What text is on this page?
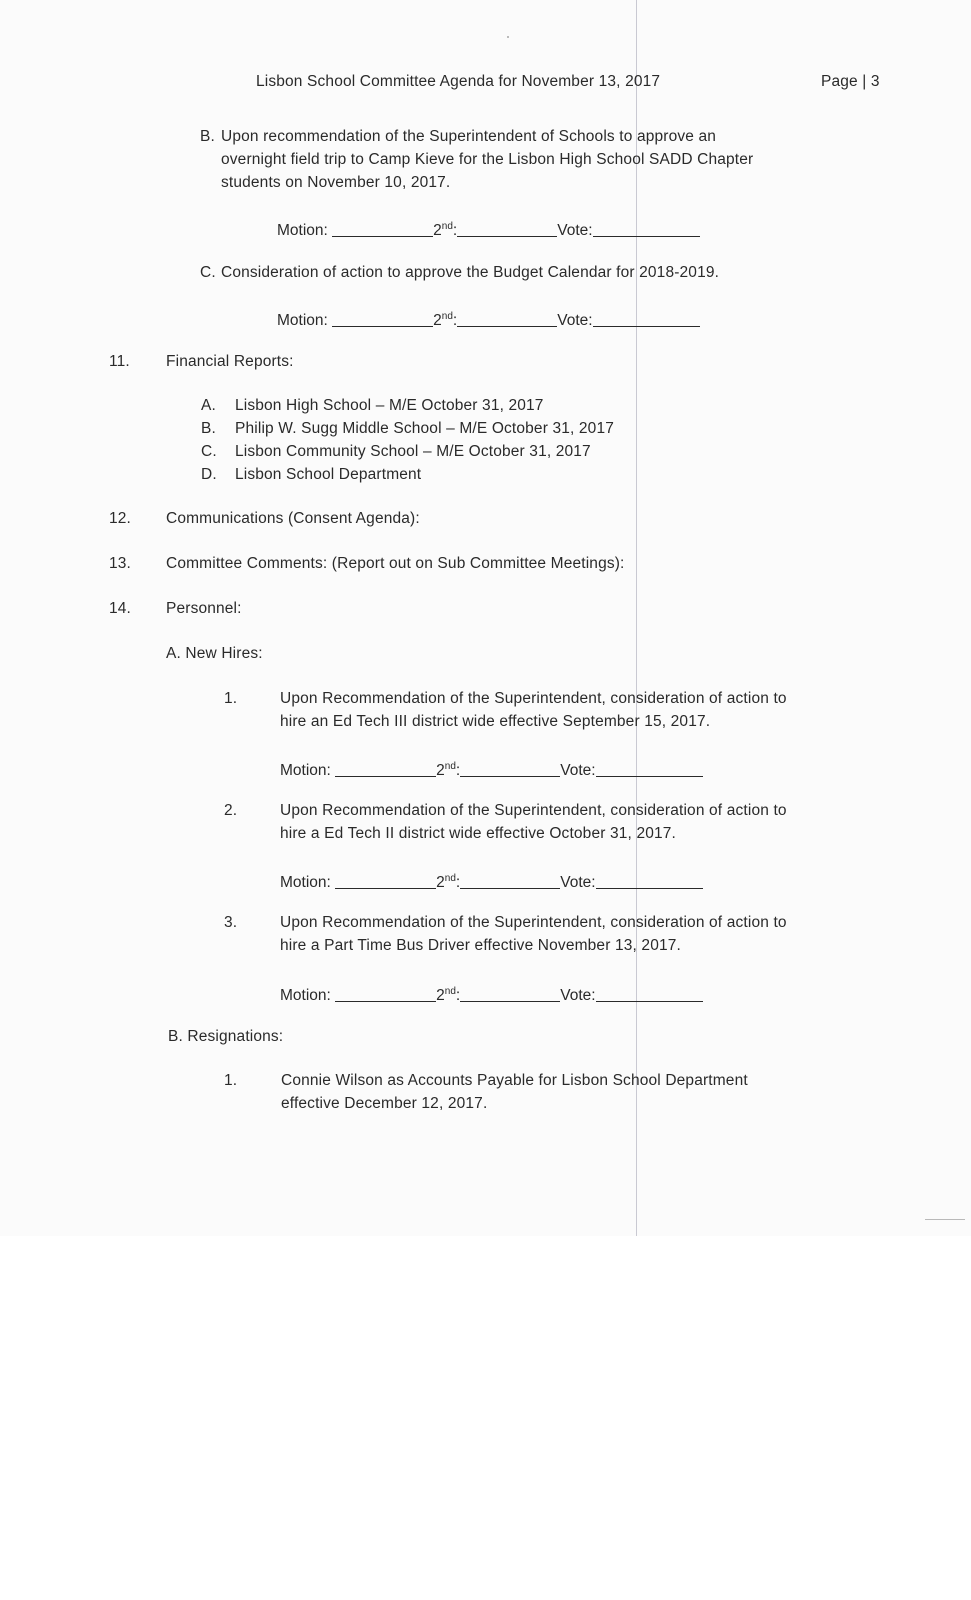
Lisbon School Committee Agenda for November 13, 2017	Page | 3
B. Upon recommendation of the Superintendent of Schools to approve an
overnight field trip to Camp Kieve for the Lisbon High School SADD Chapter
students on November 10, 2017.
Motion:	2nd:	Vote:
C. Consideration of action to approve the Budget Calendar for 2018-2019.
Motion:	2nd:	Vote:
11. Financial Reports:
A. Lisbon High School – M/E October 31, 2017
B. Philip W. Sugg Middle School – M/E October 31, 2017
C. Lisbon Community School – M/E October 31, 2017
D. Lisbon School Department
12. Communications (Consent Agenda):
13. Committee Comments: (Report out on Sub Committee Meetings):
14. Personnel:
A. New Hires:
1.	Upon Recommendation of the Superintendent, consideration of action to
hire an Ed Tech III district wide effective September 15, 2017.
Motion:	2nd:	Vote:
2.	Upon Recommendation of the Superintendent, consideration of action to
hire a Ed Tech II district wide effective October 31, 2017.
Motion:	2nd:	Vote:
3.	Upon Recommendation of the Superintendent, consideration of action to
hire a Part Time Bus Driver effective November 13, 2017.
Motion:	2nd:	Vote:
B. Resignations:
1.	Connie Wilson as Accounts Payable for Lisbon School Department
effective December 12, 2017.
